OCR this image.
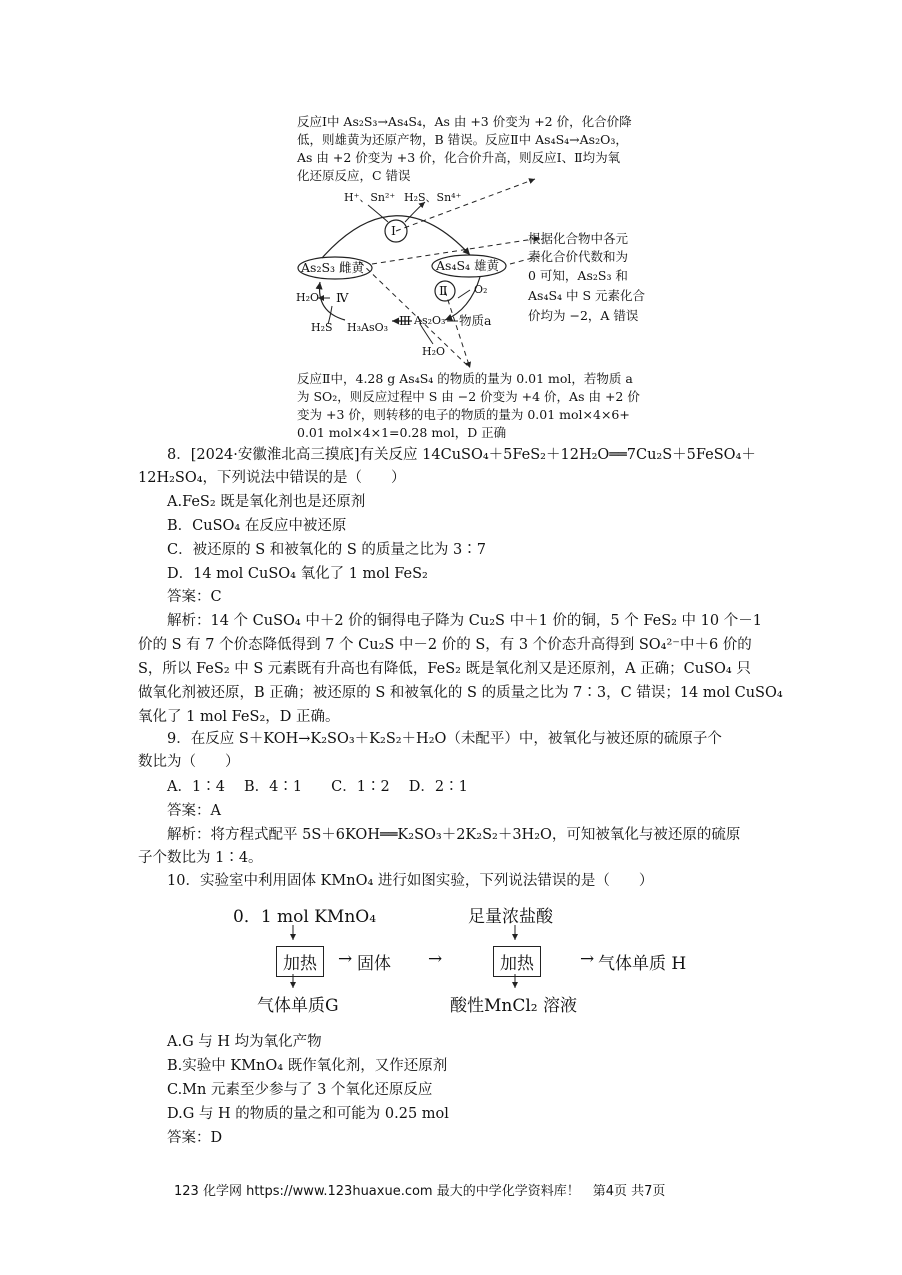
反应Ⅰ中 As₂S₃→As₄S₄，As 由 +3 价变为 +2 价，化合价降
低，则雄黄为还原产物，B 错误。反应Ⅱ中 As₄S₄→As₂O₃，
As 由 +2 价变为 +3 价，化合价升高，则反应Ⅰ、Ⅱ均为氧
化还原反应，C 错误
H⁺、Sn²⁺ H₂S、Sn⁴⁺
Ⅰ
As₂S₃ 雌黄	As₄S₄ 雄黄
Ⅱ O₂
H₂O Ⅳ
H₂S H₃AsO₃ Ⅲ As₂O₃ 物质a
H₂O
根据化合物中各元
素化合价代数和为
0 可知，As₂S₃ 和
As₄S₄ 中 S 元素化合
价均为 −2，A 错误
反应Ⅱ中，4.28 g As₄S₄ 的物质的量为 0.01 mol，若物质 a
为 SO₂，则反应过程中 S 由 −2 价变为 +4 价，As 由 +2 价
变为 +3 价，则转移的电子的物质的量为 0.01 mol×4×6+
0.01 mol×4×1=0.28 mol，D 正确
8．[2024·安徽淮北高三摸底]有关反应 14CuSO₄＋5FeS₂＋12H₂O══7Cu₂S＋5FeSO₄＋
12H₂SO₄，下列说法中错误的是（　　）
A.FeS₂ 既是氧化剂也是还原剂
B．CuSO₄ 在反应中被还原
C．被还原的 S 和被氧化的 S 的质量之比为 3∶7
D．14 mol CuSO₄ 氧化了 1 mol FeS₂
答案：C
解析：14 个 CuSO₄ 中＋2 价的铜得电子降为 Cu₂S 中＋1 价的铜，5 个 FeS₂ 中 10 个－1
价的 S 有 7 个价态降低得到 7 个 Cu₂S 中－2 价的 S，有 3 个价态升高得到 SO₄²⁻中＋6 价的
S，所以 FeS₂ 中 S 元素既有升高也有降低，FeS₂ 既是氧化剂又是还原剂，A 正确；CuSO₄ 只
做氧化剂被还原，B 正确；被还原的 S 和被氧化的 S 的质量之比为 7∶3，C 错误；14 mol CuSO₄
氧化了 1 mol FeS₂，D 正确。
9．在反应 S＋KOH→K₂SO₃＋K₂S₂＋H₂O（未配平）中，被氧化与被还原的硫原子个
数比为（　　）
A．1∶4　 B．4∶1　　C．1∶2　 D．2∶1
答案：A
解析：将方程式配平 5S＋6KOH══K₂SO₃＋2K₂S₂＋3H₂O，可知被氧化与被还原的硫原
子个数比为 1∶4。
10．实验室中利用固体 KMnO₄ 进行如图实验，下列说法错误的是（　　）
0．1 mol KMnO₄	足量浓盐酸
加热	→ 固体 →	加热	→ 气体单质 H
气体单质G	酸性MnCl₂ 溶液
A.G 与 H 均为氧化产物
B.实验中 KMnO₄ 既作氧化剂，又作还原剂
C.Mn 元素至少参与了 3 个氧化还原反应
D.G 与 H 的物质的量之和可能为 0.25 mol
答案：D
123 化学网 https://www.123huaxue.com 最大的中学化学资料库！　第4页 共7页
